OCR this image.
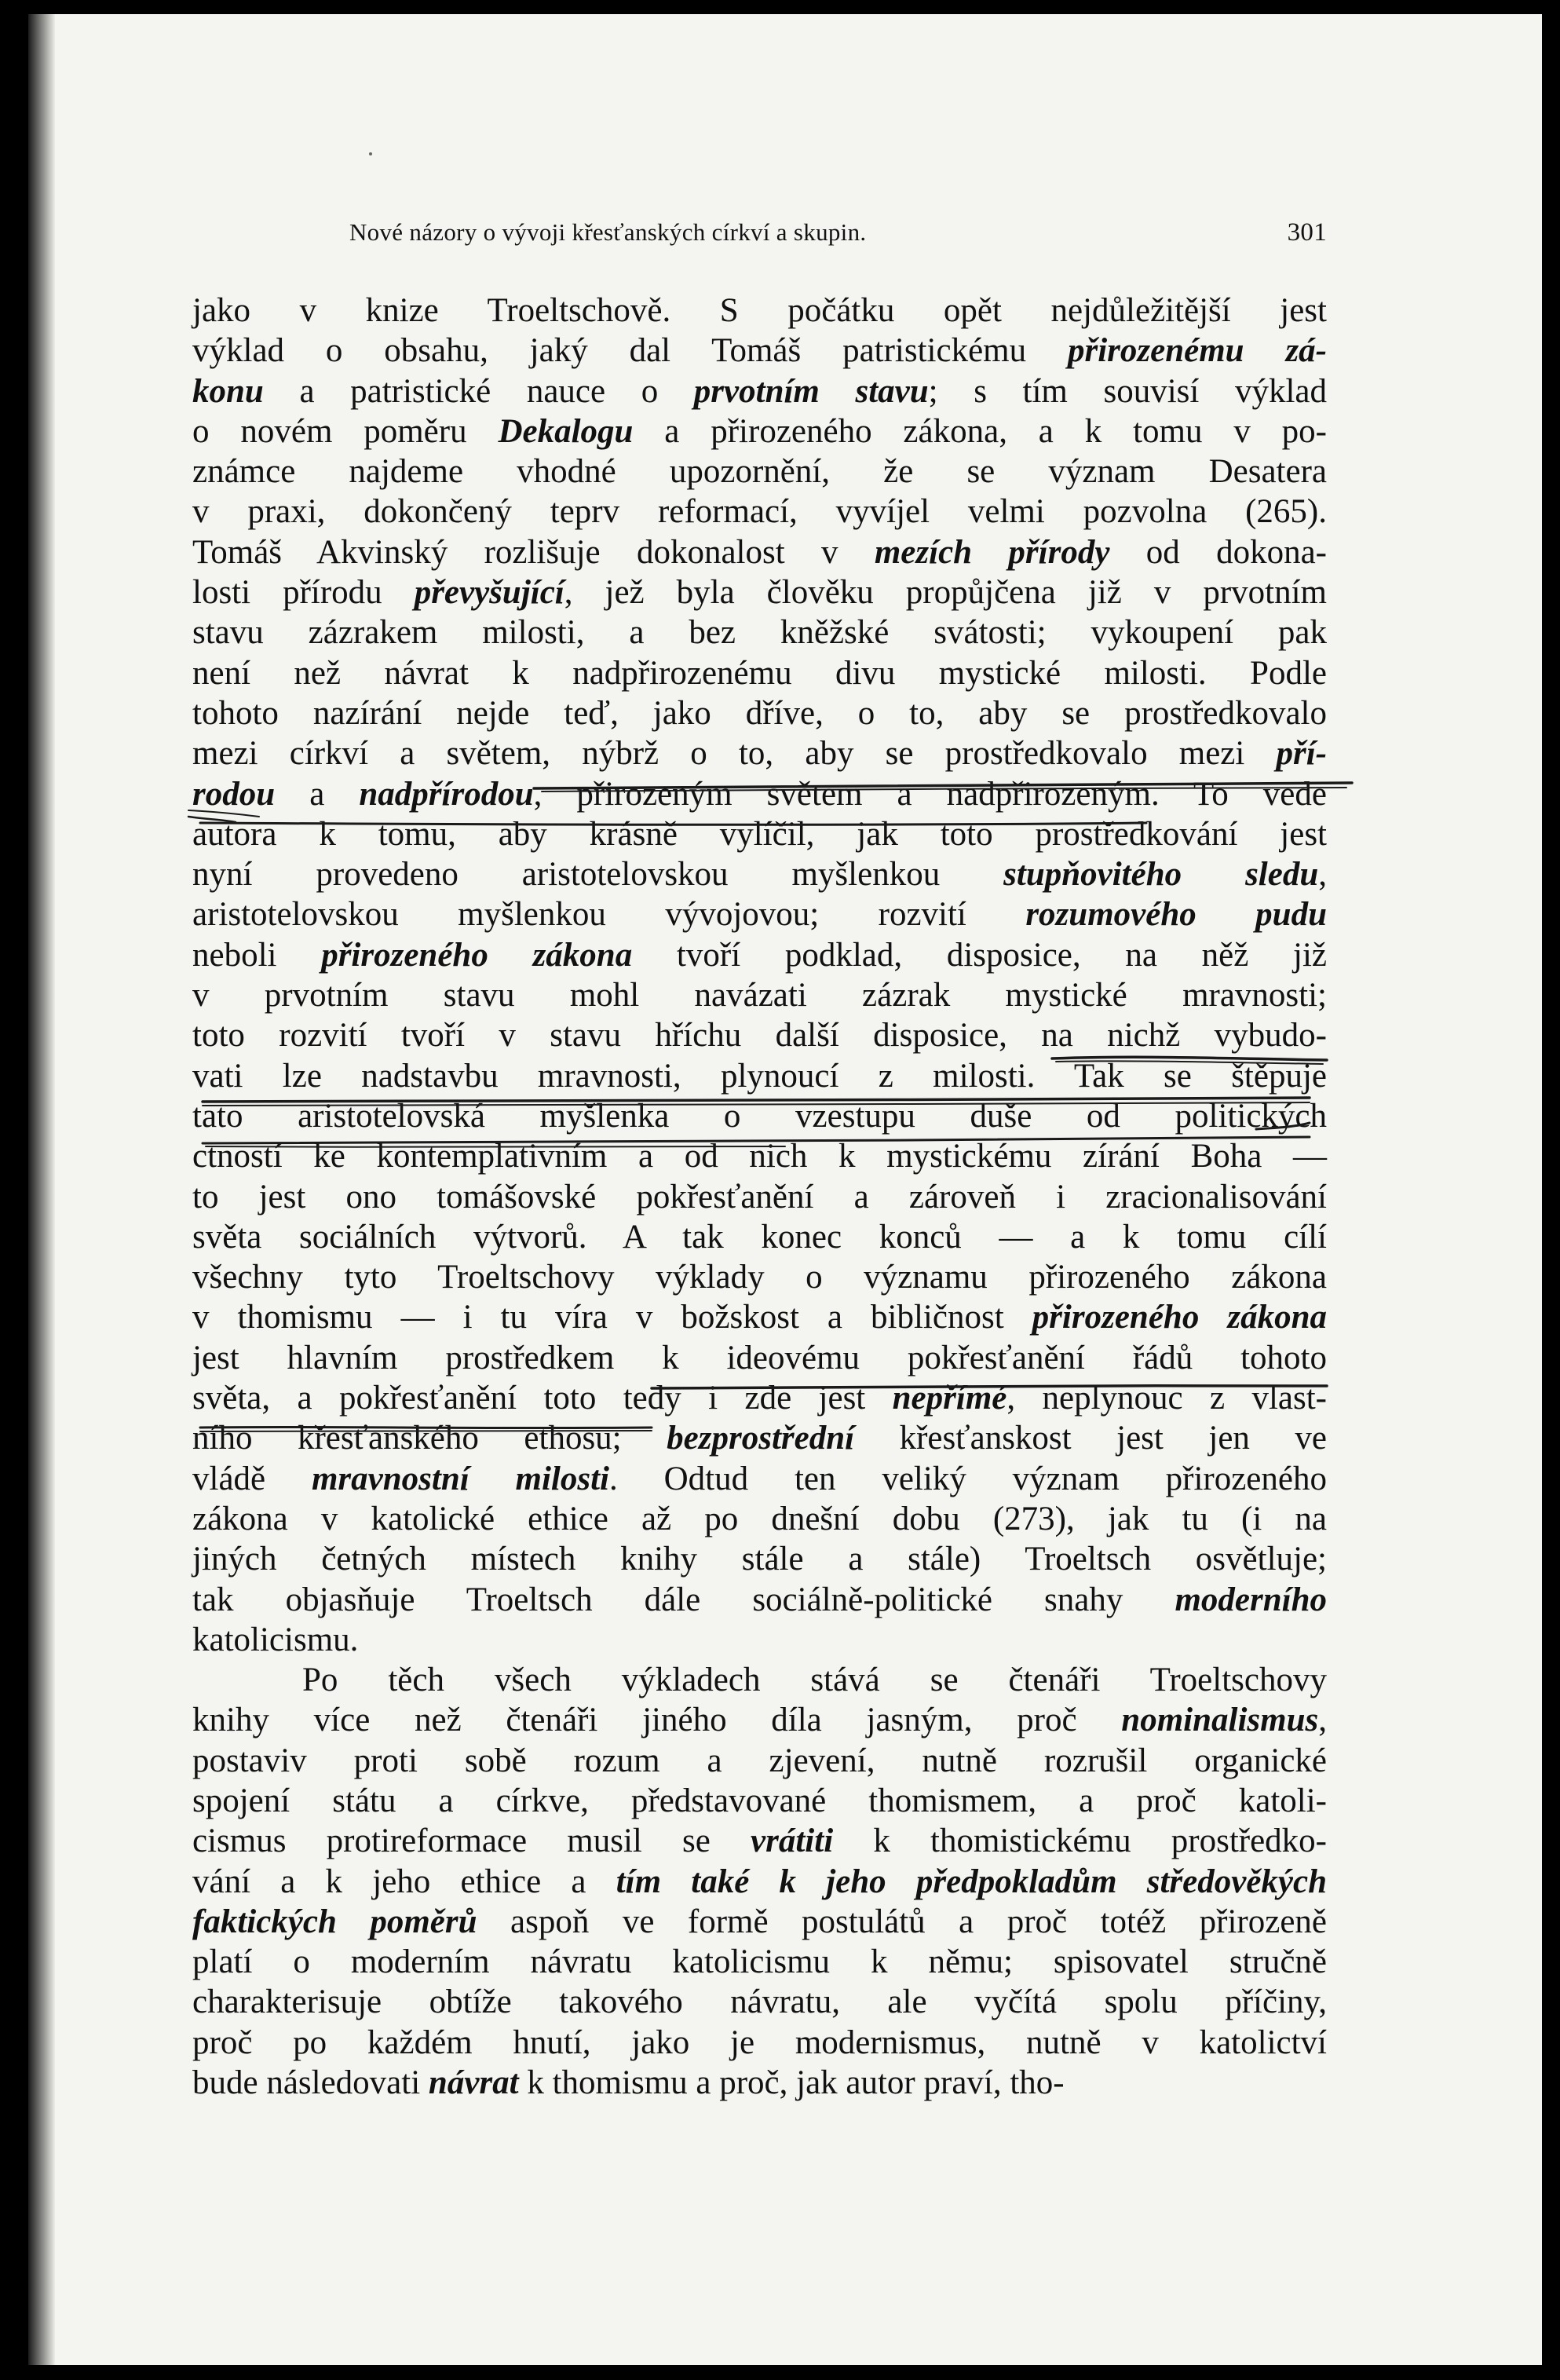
Nové názory o vývoji křesťanských církví a skupin.	301
jako v knize Troeltschově. S počátku opět nejdůležitější jest
výklad o obsahu, jaký dal Tomáš patristickému přirozenému zá-
konu a patristické nauce o prvotním stavu; s tím souvisí výklad
o novém poměru Dekalogu a přirozeného zákona, a k tomu v po-
známce najdeme vhodné upozornění, že se význam Desatera
v praxi, dokončený teprv reformací, vyvíjel velmi pozvolna (265).
Tomáš Akvinský rozlišuje dokonalost v mezích přírody od dokona-
losti přírodu převyšující, jež byla člověku propůjčena již v prvotním
stavu zázrakem milosti, a bez kněžské svátosti; vykoupení pak
není než návrat k nadpřirozenému divu mystické milosti. Podle
tohoto nazírání nejde teď, jako dříve, o to, aby se prostředkovalo
mezi církví a světem, nýbrž o to, aby se prostředkovalo mezi pří-
rodou a nadpřírodou, přirozeným světem a nadpřirozeným. To vede
autora k tomu, aby krásně vylíčil, jak toto prostředkování jest
nyní provedeno aristotelovskou myšlenkou stupňovitého sledu,
aristotelovskou myšlenkou vývojovou; rozvití rozumového pudu
neboli přirozeného zákona tvoří podklad, disposice, na něž již
v prvotním stavu mohl navázati zázrak mystické mravnosti;
toto rozvití tvoří v stavu hříchu další disposice, na nichž vybudo-
vati lze nadstavbu mravnosti, plynoucí z milosti. Tak se štěpuje
tato aristotelovská myšlenka o vzestupu duše od politických
ctností ke kontemplativním a od nich k mystickému zírání Boha —
to jest ono tomášovské pokřesťanění a zároveň i zracionalisování
světa sociálních výtvorů. A tak konec konců — a k tomu cílí
všechny tyto Troeltschovy výklady o významu přirozeného zákona
v thomismu — i tu víra v božskost a bibličnost přirozeného zákona
jest hlavním prostředkem k ideovému pokřesťanění řádů tohoto
světa, a pokřesťanění toto tedy i zde jest nepřímé, neplynouc z vlast-
ního křesťanského ethosu; bezprostřední křesťanskost jest jen ve
vládě mravnostní milosti. Odtud ten veliký význam přirozeného
zákona v katolické ethice až po dnešní dobu (273), jak tu (i na
jiných četných místech knihy stále a stále) Troeltsch osvětluje;
tak objasňuje Troeltsch dále sociálně-politické snahy moderního
katolicismu.
Po těch všech výkladech stává se čtenáři Troeltschovy
knihy více než čtenáři jiného díla jasným, proč nominalismus,
postaviv proti sobě rozum a zjevení, nutně rozrušil organické
spojení státu a církve, představované thomismem, a proč katoli-
cismus protireformace musil se vrátiti k thomistickému prostředko-
vání a k jeho ethice a tím také k jeho předpokladům středověkých
faktických poměrů aspoň ve formě postulátů a proč totéž přirozeně
platí o moderním návratu katolicismu k němu; spisovatel stručně
charakterisuje obtíže takového návratu, ale vyčítá spolu příčiny,
proč po každém hnutí, jako je modernismus, nutně v katolictví
bude následovati návrat k thomismu a proč, jak autor praví, tho-
